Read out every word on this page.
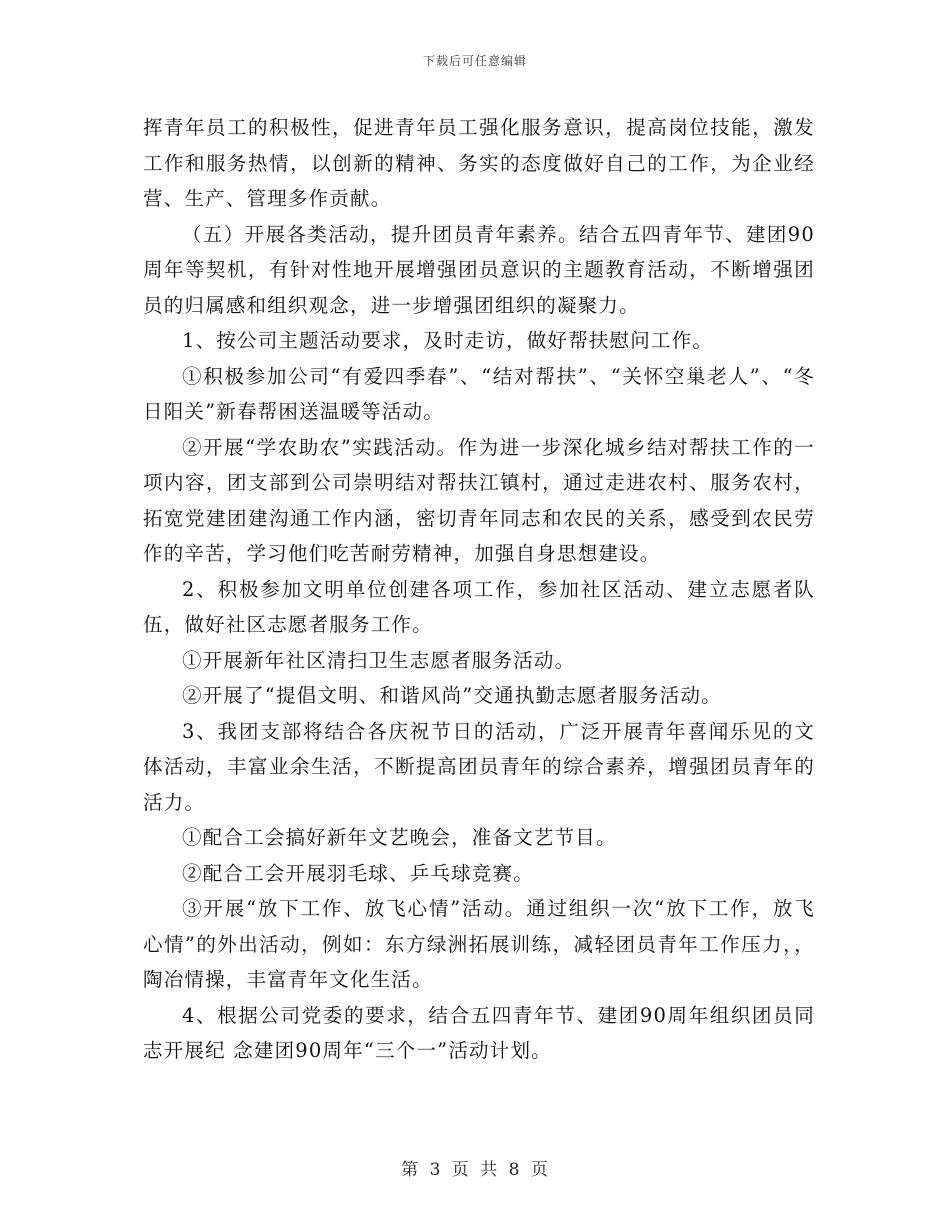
下载后可任意编辑

挥青年员工的积极性，促进青年员工强化服务意识，提高岗位技能，激发工作和服务热情，以创新的精神、务实的态度做好自己的工作，为企业经营、生产、管理多作贡献。

（五）开展各类活动，提升团员青年素养。结合五四青年节、建团90周年等契机，有针对性地开展增强团员意识的主题教育活动，不断增强团员的归属感和组织观念，进一步增强团组织的凝聚力。

1、按公司主题活动要求，及时走访，做好帮扶慰问工作。

①积极参加公司“有爱四季春”、“结对帮扶”、“关怀空巢老人”、“冬日阳关”新春帮困送温暖等活动。

②开展“学农助农”实践活动。作为进一步深化城乡结对帮扶工作的一项内容，团支部到公司崇明结对帮扶江镇村，通过走进农村、服务农村，拓宽党建团建沟通工作内涵，密切青年同志和农民的关系，感受到农民劳作的辛苦，学习他们吃苦耐劳精神，加强自身思想建设。

2、积极参加文明单位创建各项工作，参加社区活动、建立志愿者队伍，做好社区志愿者服务工作。

①开展新年社区清扫卫生志愿者服务活动。

②开展了“提倡文明、和谐风尚”交通执勤志愿者服务活动。

3、我团支部将结合各庆祝节日的活动，广泛开展青年喜闻乐见的文体活动，丰富业余生活，不断提高团员青年的综合素养，增强团员青年的活力。

①配合工会搞好新年文艺晚会，准备文艺节目。

②配合工会开展羽毛球、乒乓球竞赛。

③开展“放下工作、放飞心情”活动。通过组织一次“放下工作，放飞心情”的外出活动，例如：东方绿洲拓展训练，减轻团员青年工作压力，，陶冶情操，丰富青年文化生活。

4、根据公司党委的要求，结合五四青年节、建团90周年组织团员同志开展纪 念建团90周年“三个一”活动计划。

第 3 页 共 8 页
